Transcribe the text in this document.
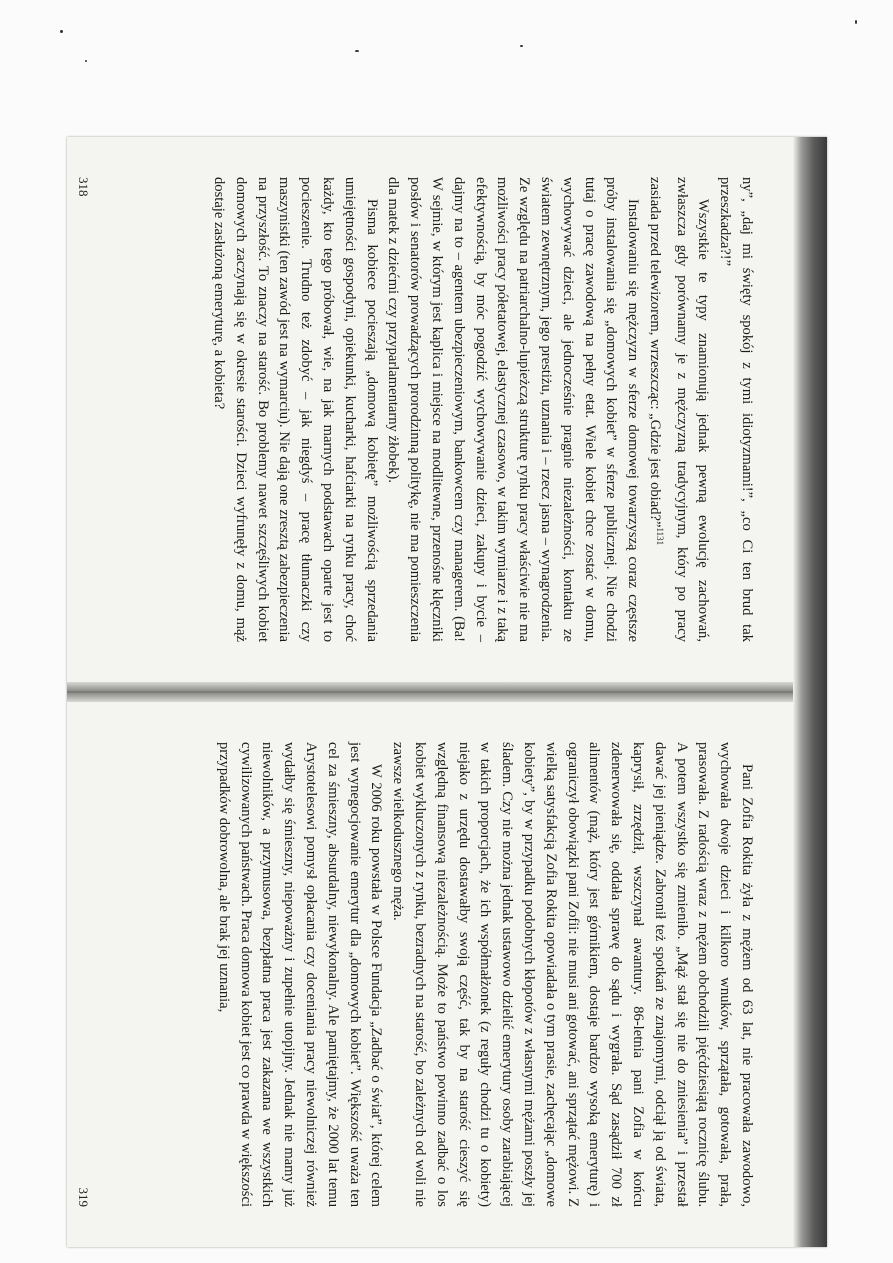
ny”, „daj mi święty spokój z tymi idiotyzmami!”, „co Ci ten brud tak przeszkadza?!”

Wszystkie te typy znamionują jednak pewną ewolucję zachowań, zwłaszcza gdy porównamy je z mężczyzną tradycyjnym, który po pracy zasiada przed telewizorem, wrzeszcząc: „Gdzie jest obiad?”$^{1131}$

Instalowaniu się mężczyzn w sferze domowej towarzyszą coraz częstsze próby instalowania się „domowych kobiet” w sferze publicznej. Nie chodzi tutaj o pracę zawodową na pełny etat. Wiele kobiet chce zostać w domu, wychowywać dzieci, ale jednocześnie pragnie niezależności, kontaktu ze światem zewnętrznym, jego prestiżu, uznania i – rzecz jasna – wynagrodzenia. Ze względu na patriarchalno-lupieżczą strukturę rynku pracy właściwie nie ma możliwości pracy półetatowej, elastycznej czasowo, w takim wymiarze i z taką efektywnością, by móc pogodzić wychowywanie dzieci, zakupy i bycie – dajmy na to – agentem ubezpieczeniowym, bankowcem czy managerem. (Ba! W sejmie, w którym jest kaplica i miejsce na modlitewne, przenośne klęczniki posłów i senatorów prowadzących prorodzinną politykę, nie ma pomieszczenia dla matek z dziećmi czy przyparlamentarny żłobek).

Pisma kobiece pocieszają „domową kobietę” możliwością sprzedania umiejętności gospodyni, opiekunki, kucharki, hafciarki na rynku pracy, choć każdy, kto tego próbował, wie, na jak marnych podstawach oparte jest to pocieszenie. Trudno też zdobyć – jak niegdyś – pracę tłumaczki czy maszynistki (ten zawód jest na wymarciu). Nie dają one zresztą zabezpieczenia na przyszłość. To znaczy na starość. Bo problemy nawet szczęśliwych kobiet domowych zaczynają się w okresie starości. Dzieci wyfrunęły z domu, mąż dostaje zasłużoną emeryturę, a kobieta?

318

Pani Zofia Rokita żyła z mężem od 63 lat, nie pracowała zawodowo, wychowała dwoje dzieci i kilkoro wnuków, sprzątała, gotowała, prała, prasowała. Z radością wraz z mężem obchodzili pięćdziesiątą rocznicę ślubu. A potem wszystko się zmieniło. „Mąż stał się nie do zniesienia” i przestał dawać jej pieniądze. Zabronił też spotkań ze znajomymi, odciął ją od świata, kaprysił, zrzędził, wszczynał awantury. 86-letnia pani Zofia w końcu zdenerwowała się, oddała sprawę do sądu i wygrała. Sąd zasądził 700 zł alimentów (mąż, który jest górnikiem, dostaje bardzo wysoką emeryturę) i ograniczył obowiązki pani Zofii: nie musi ani gotować, ani sprzątać mężowi. Z wielką satysfakcją Zofia Rokita opowiadała o tym prasie, zachęcając „domowe kobiety”, by w przypadku podobnych kłopotów z własnymi mężami poszły jej śladem. Czy nie można jednak ustawowo dzielić emerytury osoby zarabiającej w takich proporcjach, że ich współmałżonek (z reguły chodzi tu o kobiety) niejako z urzędu dostawałby swoją część, tak by na starość cieszyć się względną finansową niezależnością. Może to państwo powinno zadbać o los kobiet wykluczonych z rynku, bezradnych na starość, bo zależnych od woli nie zawsze wielkodusznego męża.

W 2006 roku powstała w Polsce Fundacja „Zadbać o świat”, której celem jest wynegocjowanie emerytur dla „domowych kobiet”. Większość uważa ten cel za śmieszny, absurdalny, niewykonalny. Ale pamiętajmy, że 2000 lat temu Arystotelesowi pomysł opłacania czy doceniania pracy niewolniczej również wydałby się śmieszny, niepoważny i zupełnie utopijny. Jednak nie mamy już niewolników, a przymusowa, bezpłatna praca jest zakazana we wszystkich cywilizowanych państwach. Praca domowa kobiet jest co prawda w większości przypadków dobrowolna, ale brak jej uznania,

319
